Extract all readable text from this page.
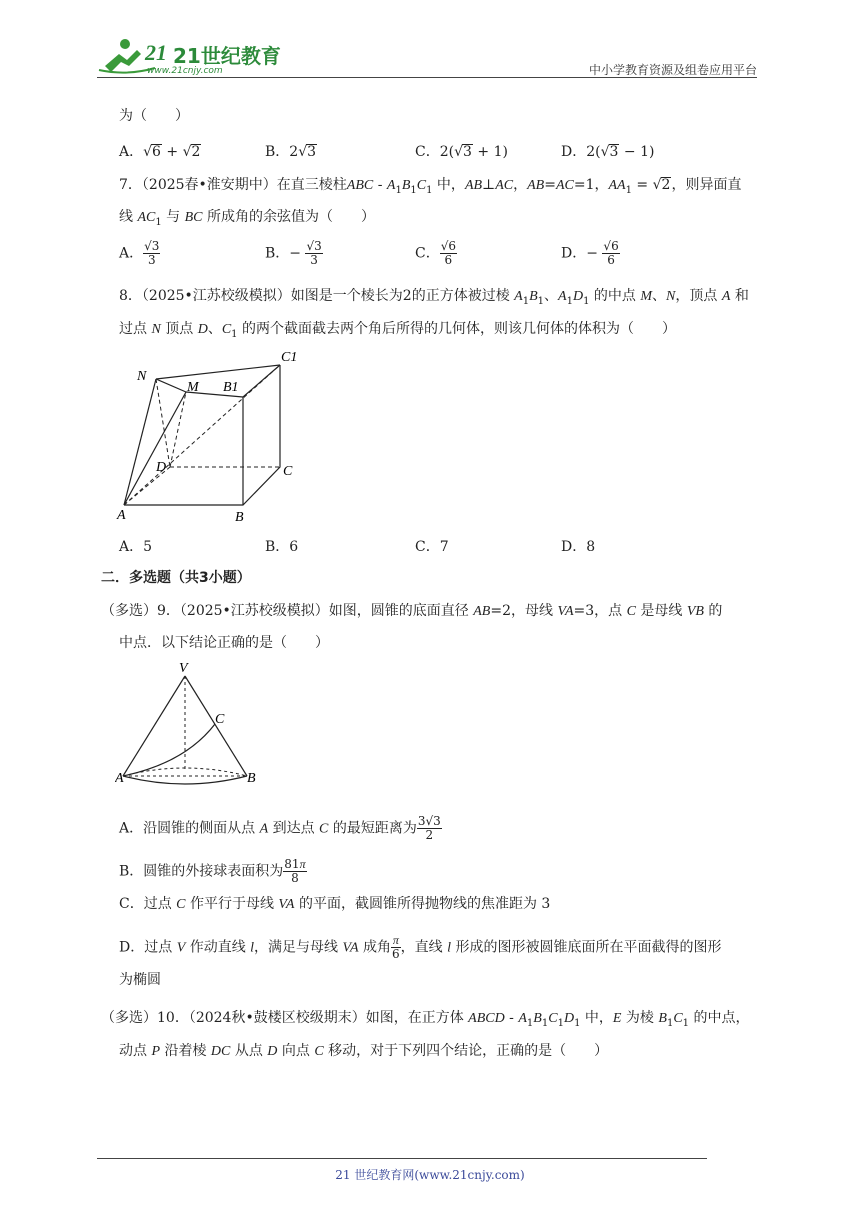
21 21世纪教育
www.21cnjy.com	中小学教育资源及组卷应用平台
为（　　）
A．√6 + √2	B．2√3	C．2(√3 + 1)	D．2(√3 − 1)
7．（2025春•淮安期中）在直三棱柱ABC - $A_1B_1C_1$ 中，AB⊥AC，AB=AC=1，$AA_1 = √2$，则异面直
线 $AC_1$ 与 BC 所成角的余弦值为（　　）
A． $\frac{√3}{3}$	B．− $\frac{√3}{3}$	C． $\frac{√6}{6}$	D．− $\frac{√6}{6}$
8．（2025•江苏校级模拟）如图是一个棱长为2的正方体被过棱 $A_1B_1$、$A_1D_1$ 的中点 M、N，顶点 A 和
过点 N 顶点 D、$C_1$ 的两个截面截去两个角后所得的几何体，则该几何体的体积为（　　）
N
M B1
C1
D	C
A	B
A．5	B．6	C．7	D．8
二．多选题（共3小题）
（多选）9．（2025•江苏校级模拟）如图，圆锥的底面直径 AB=2，母线 VA=3，点 C 是母线 VB 的
中点．以下结论正确的是（　　）
V
C
A	B
A．沿圆锥的侧面从点 A 到达点 C 的最短距离为 $\frac{3√3}{2}$
B．圆锥的外接球表面积为 $\frac{81\pi}{8}$
C．过点 C 作平行于母线 VA 的平面，截圆锥所得抛物线的焦准距为 3
D．过点 V 作动直线 l，满足与母线 VA 成角 $\frac{\pi}{6}$ ，直线 l 形成的图形被圆锥底面所在平面截得的图形
为椭圆
（多选）10．（2024秋•鼓楼区校级期末）如图，在正方体 ABCD - $A_1B_1C_1D_1$ 中，E 为棱 $B_1C_1$ 的中点，
动点 P 沿着棱 DC 从点 D 向点 C 移动，对于下列四个结论，正确的是（　　）
21 世纪教育网(www.21cnjy.com)
